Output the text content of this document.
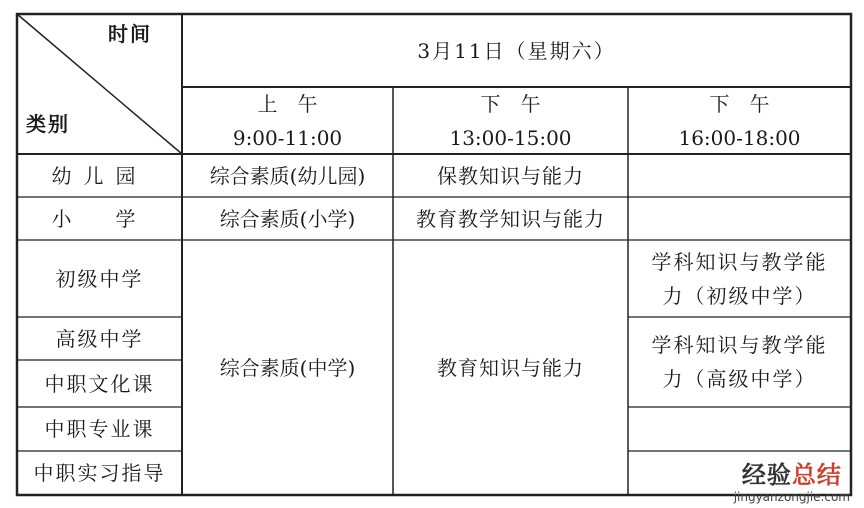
时间
类别
3月11日（星期六）
上　午
9:00-11:00
下　午
13:00-15:00
下　午
16:00-18:00
幼儿园
小　学
初级中学
高级中学
中职文化课
中职专业课
中职实习指导
综合素质(幼儿园)
综合素质(小学)
综合素质(中学)
保教知识与能力
教育教学知识与能力
教育知识与能力
学科知识与教学能
力（初级中学）
学科知识与教学能
力（高级中学）
经验总结
jingyanzongjie.com
